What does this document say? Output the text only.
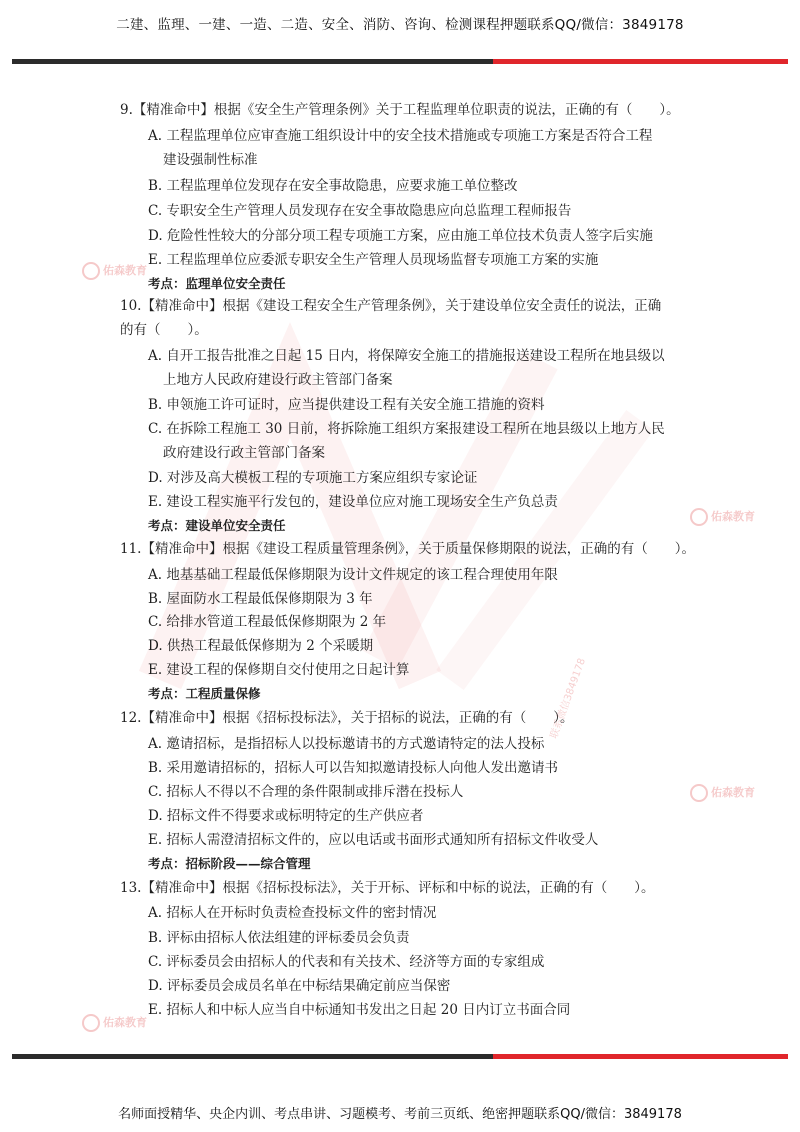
二建、监理、一建、一造、二造、安全、消防、咨询、检测课程押题联系QQ/微信：3849178
佑森教育
佑森教育
佑森教育
佑森教育
联系微信3849178
9.【精准命中】根据《安全生产管理条例》关于工程监理单位职责的说法，正确的有（　　）。
A. 工程监理单位应审查施工组织设计中的安全技术措施或专项施工方案是否符合工程
建设强制性标准
B. 工程监理单位发现存在安全事故隐患，应要求施工单位整改
C. 专职安全生产管理人员发现存在安全事故隐患应向总监理工程师报告
D. 危险性性较大的分部分项工程专项施工方案，应由施工单位技术负责人签字后实施
E. 工程监理单位应委派专职安全生产管理人员现场监督专项施工方案的实施
考点：监理单位安全责任
10.【精准命中】根据《建设工程安全生产管理条例》，关于建设单位安全责任的说法，正确
的有（　　）。
A. 自开工报告批准之日起 15 日内，将保障安全施工的措施报送建设工程所在地县级以
上地方人民政府建设行政主管部门备案
B. 申领施工许可证时，应当提供建设工程有关安全施工措施的资料
C. 在拆除工程施工 30 日前，将拆除施工组织方案报建设工程所在地县级以上地方人民
政府建设行政主管部门备案
D. 对涉及高大模板工程的专项施工方案应组织专家论证
E. 建设工程实施平行发包的，建设单位应对施工现场安全生产负总责
考点：建设单位安全责任
11.【精准命中】根据《建设工程质量管理条例》，关于质量保修期限的说法，正确的有（　　）。
A. 地基基础工程最低保修期限为设计文件规定的该工程合理使用年限
B. 屋面防水工程最低保修期限为 3 年
C. 给排水管道工程最低保修期限为 2 年
D. 供热工程最低保修期为 2 个采暖期
E. 建设工程的保修期自交付使用之日起计算
考点：工程质量保修
12.【精准命中】根据《招标投标法》，关于招标的说法，正确的有（　　）。
A. 邀请招标，是指招标人以投标邀请书的方式邀请特定的法人投标
B. 采用邀请招标的，招标人可以告知拟邀请投标人向他人发出邀请书
C. 招标人不得以不合理的条件限制或排斥潜在投标人
D. 招标文件不得要求或标明特定的生产供应者
E. 招标人需澄清招标文件的，应以电话或书面形式通知所有招标文件收受人
考点：招标阶段——综合管理
13.【精准命中】根据《招标投标法》，关于开标、评标和中标的说法，正确的有（　　）。
A. 招标人在开标时负责检查投标文件的密封情况
B. 评标由招标人依法组建的评标委员会负责
C. 评标委员会由招标人的代表和有关技术、经济等方面的专家组成
D. 评标委员会成员名单在中标结果确定前应当保密
E. 招标人和中标人应当自中标通知书发出之日起 20 日内订立书面合同
名师面授精华、央企内训、考点串讲、习题模考、考前三页纸、绝密押题联系QQ/微信：3849178
